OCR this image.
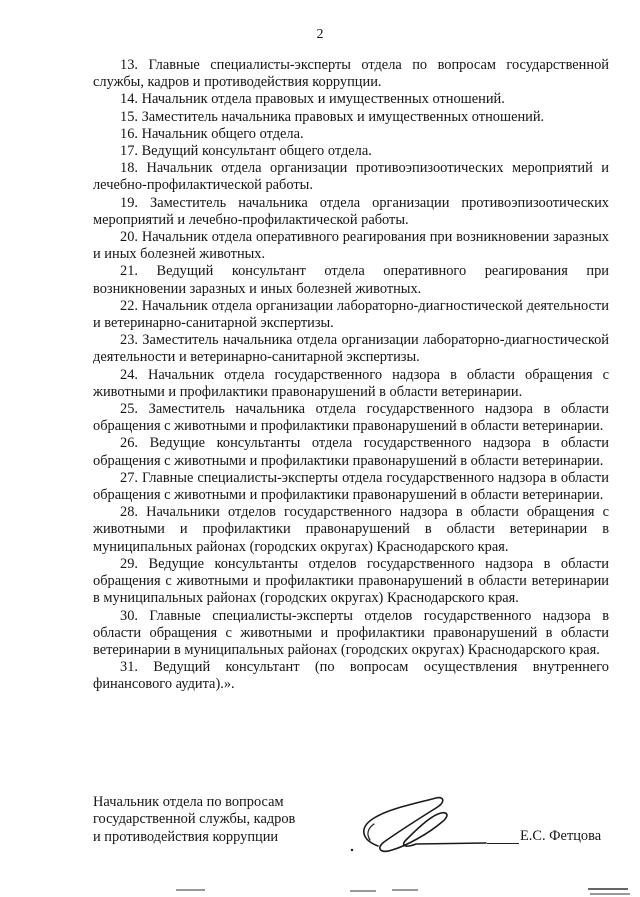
2

13. Главные специалисты-эксперты отдела по вопросам государственной службы, кадров и противодействия коррупции.

14. Начальник отдела правовых и имущественных отношений.

15. Заместитель начальника правовых и имущественных отношений.

16. Начальник общего отдела.

17. Ведущий консультант общего отдела.

18. Начальник отдела организации противоэпизоотических мероприятий и лечебно-профилактической работы.

19. Заместитель начальника отдела организации противоэпизоотических мероприятий и лечебно-профилактической работы.

20. Начальник отдела оперативного реагирования при возникновении заразных и иных болезней животных.

21. Ведущий консультант отдела оперативного реагирования при возникновении заразных и иных болезней животных.

22. Начальник отдела организации лабораторно-диагностической деятельности и ветеринарно-санитарной экспертизы.

23. Заместитель начальника отдела организации лабораторно-диагностической деятельности и ветеринарно-санитарной экспертизы.

24. Начальник отдела государственного надзора в области обращения с животными и профилактики правонарушений в области ветеринарии.

25. Заместитель начальника отдела государственного надзора в области обращения с животными и профилактики правонарушений в области ветеринарии.

26. Ведущие консультанты отдела государственного надзора в области обращения с животными и профилактики правонарушений в области ветеринарии.

27. Главные специалисты-эксперты отдела государственного надзора в области обращения с животными и профилактики правонарушений в области ветеринарии.

28. Начальники отделов государственного надзора в области обращения с животными и профилактики правонарушений в области ветеринарии в муниципальных районах (городских округах) Краснодарского края.

29. Ведущие консультанты отделов государственного надзора в области обращения с животными и профилактики правонарушений в области ветеринарии в муниципальных районах (городских округах) Краснодарского края.

30. Главные специалисты-эксперты отделов государственного надзора в области обращения с животными и профилактики правонарушений в области ветеринарии в муниципальных районах (городских округах) Краснодарского края.

31. Ведущий консультант (по вопросам осуществления внутреннего финансового аудита).».

Начальник отдела по вопросам
государственной службы, кадров
и противодействия коррупции	Е.С. Фетцова
